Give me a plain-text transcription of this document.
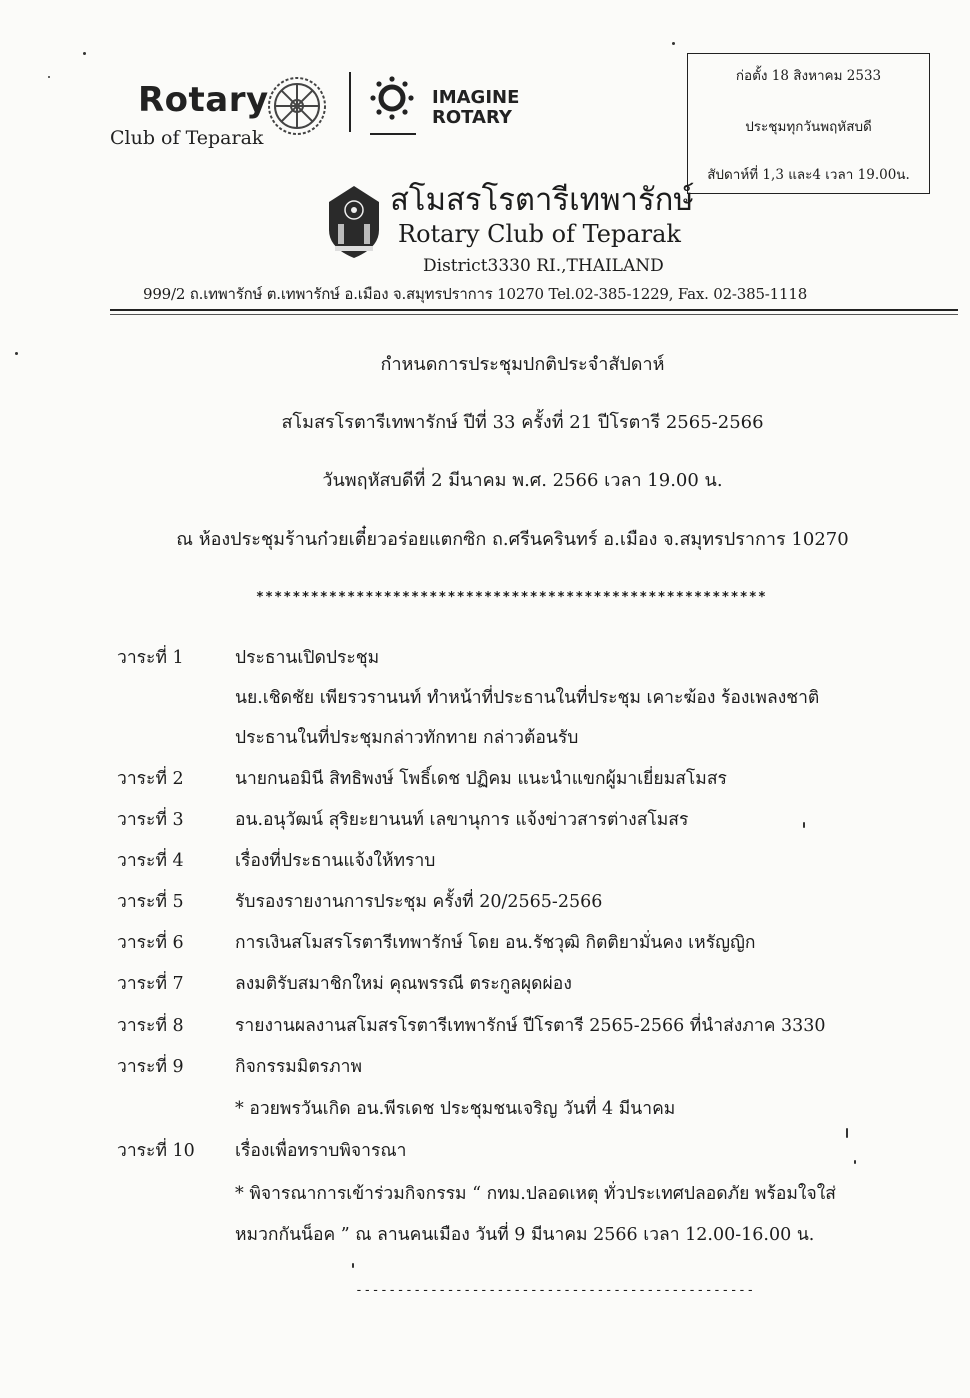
Rotary
Club of Teparak
IMAGINE
ROTARY
ก่อตั้ง 18 สิงหาคม 2533
ประชุมทุกวันพฤหัสบดี
สัปดาห์ที่ 1,3 และ4 เวลา 19.00น.
สโมสรโรตารีเทพารักษ์
Rotary Club of Teparak
District3330 RI.,THAILAND
999/2 ถ.เทพารักษ์ ต.เทพารักษ์ อ.เมือง จ.สมุทรปราการ 10270 Tel.02-385-1229, Fax. 02-385-1118
กำหนดการประชุมปกติประจำสัปดาห์
สโมสรโรตารีเทพารักษ์ ปีที่ 33 ครั้งที่ 21 ปีโรตารี 2565-2566
วันพฤหัสบดีที่ 2 มีนาคม พ.ศ. 2566 เวลา 19.00 น.
ณ ห้องประชุมร้านก๋วยเตี๋ยวอร่อยแตกซิก ถ.ศรีนครินทร์ อ.เมือง จ.สมุทรปราการ 10270
********************************************************
วาระที่ 1	ประธานเปิดประชุม
นย.เชิดชัย เพียรวรานนท์ ทำหน้าที่ประธานในที่ประชุม เคาะฆ้อง ร้องเพลงชาติ
ประธานในที่ประชุมกล่าวทักทาย กล่าวต้อนรับ
วาระที่ 2	นายกนอมินี สิทธิพงษ์ โพธิ์เดช ปฏิคม แนะนำแขกผู้มาเยี่ยมสโมสร
วาระที่ 3	อน.อนุวัฒน์ สุริยะยานนท์ เลขานุการ แจ้งข่าวสารต่างสโมสร
วาระที่ 4	เรื่องที่ประธานแจ้งให้ทราบ
วาระที่ 5	รับรองรายงานการประชุม ครั้งที่ 20/2565-2566
วาระที่ 6	การเงินสโมสรโรตารีเทพารักษ์ โดย อน.รัชวุฒิ กิตติยามั่นคง เหรัญญิก
วาระที่ 7	ลงมติรับสมาชิกใหม่ คุณพรรณี ตระกูลผุดผ่อง
วาระที่ 8	รายงานผลงานสโมสรโรตารีเทพารักษ์ ปีโรตารี 2565-2566 ที่นำส่งภาค 3330
วาระที่ 9	กิจกรรมมิตรภาพ
* อวยพรวันเกิด อน.พีรเดช ประชุมชนเจริญ วันที่ 4 มีนาคม
วาระที่ 10 เรื่องเพื่อทราบพิจารณา
* พิจารณาการเข้าร่วมกิจกรรม “ กทม.ปลอดเหตุ ทั่วประเทศปลอดภัย พร้อมใจใส่
หมวกกันน็อค ” ณ ลานคนเมือง วันที่ 9 มีนาคม 2566 เวลา 12.00-16.00 น.
------------------------------------------------
